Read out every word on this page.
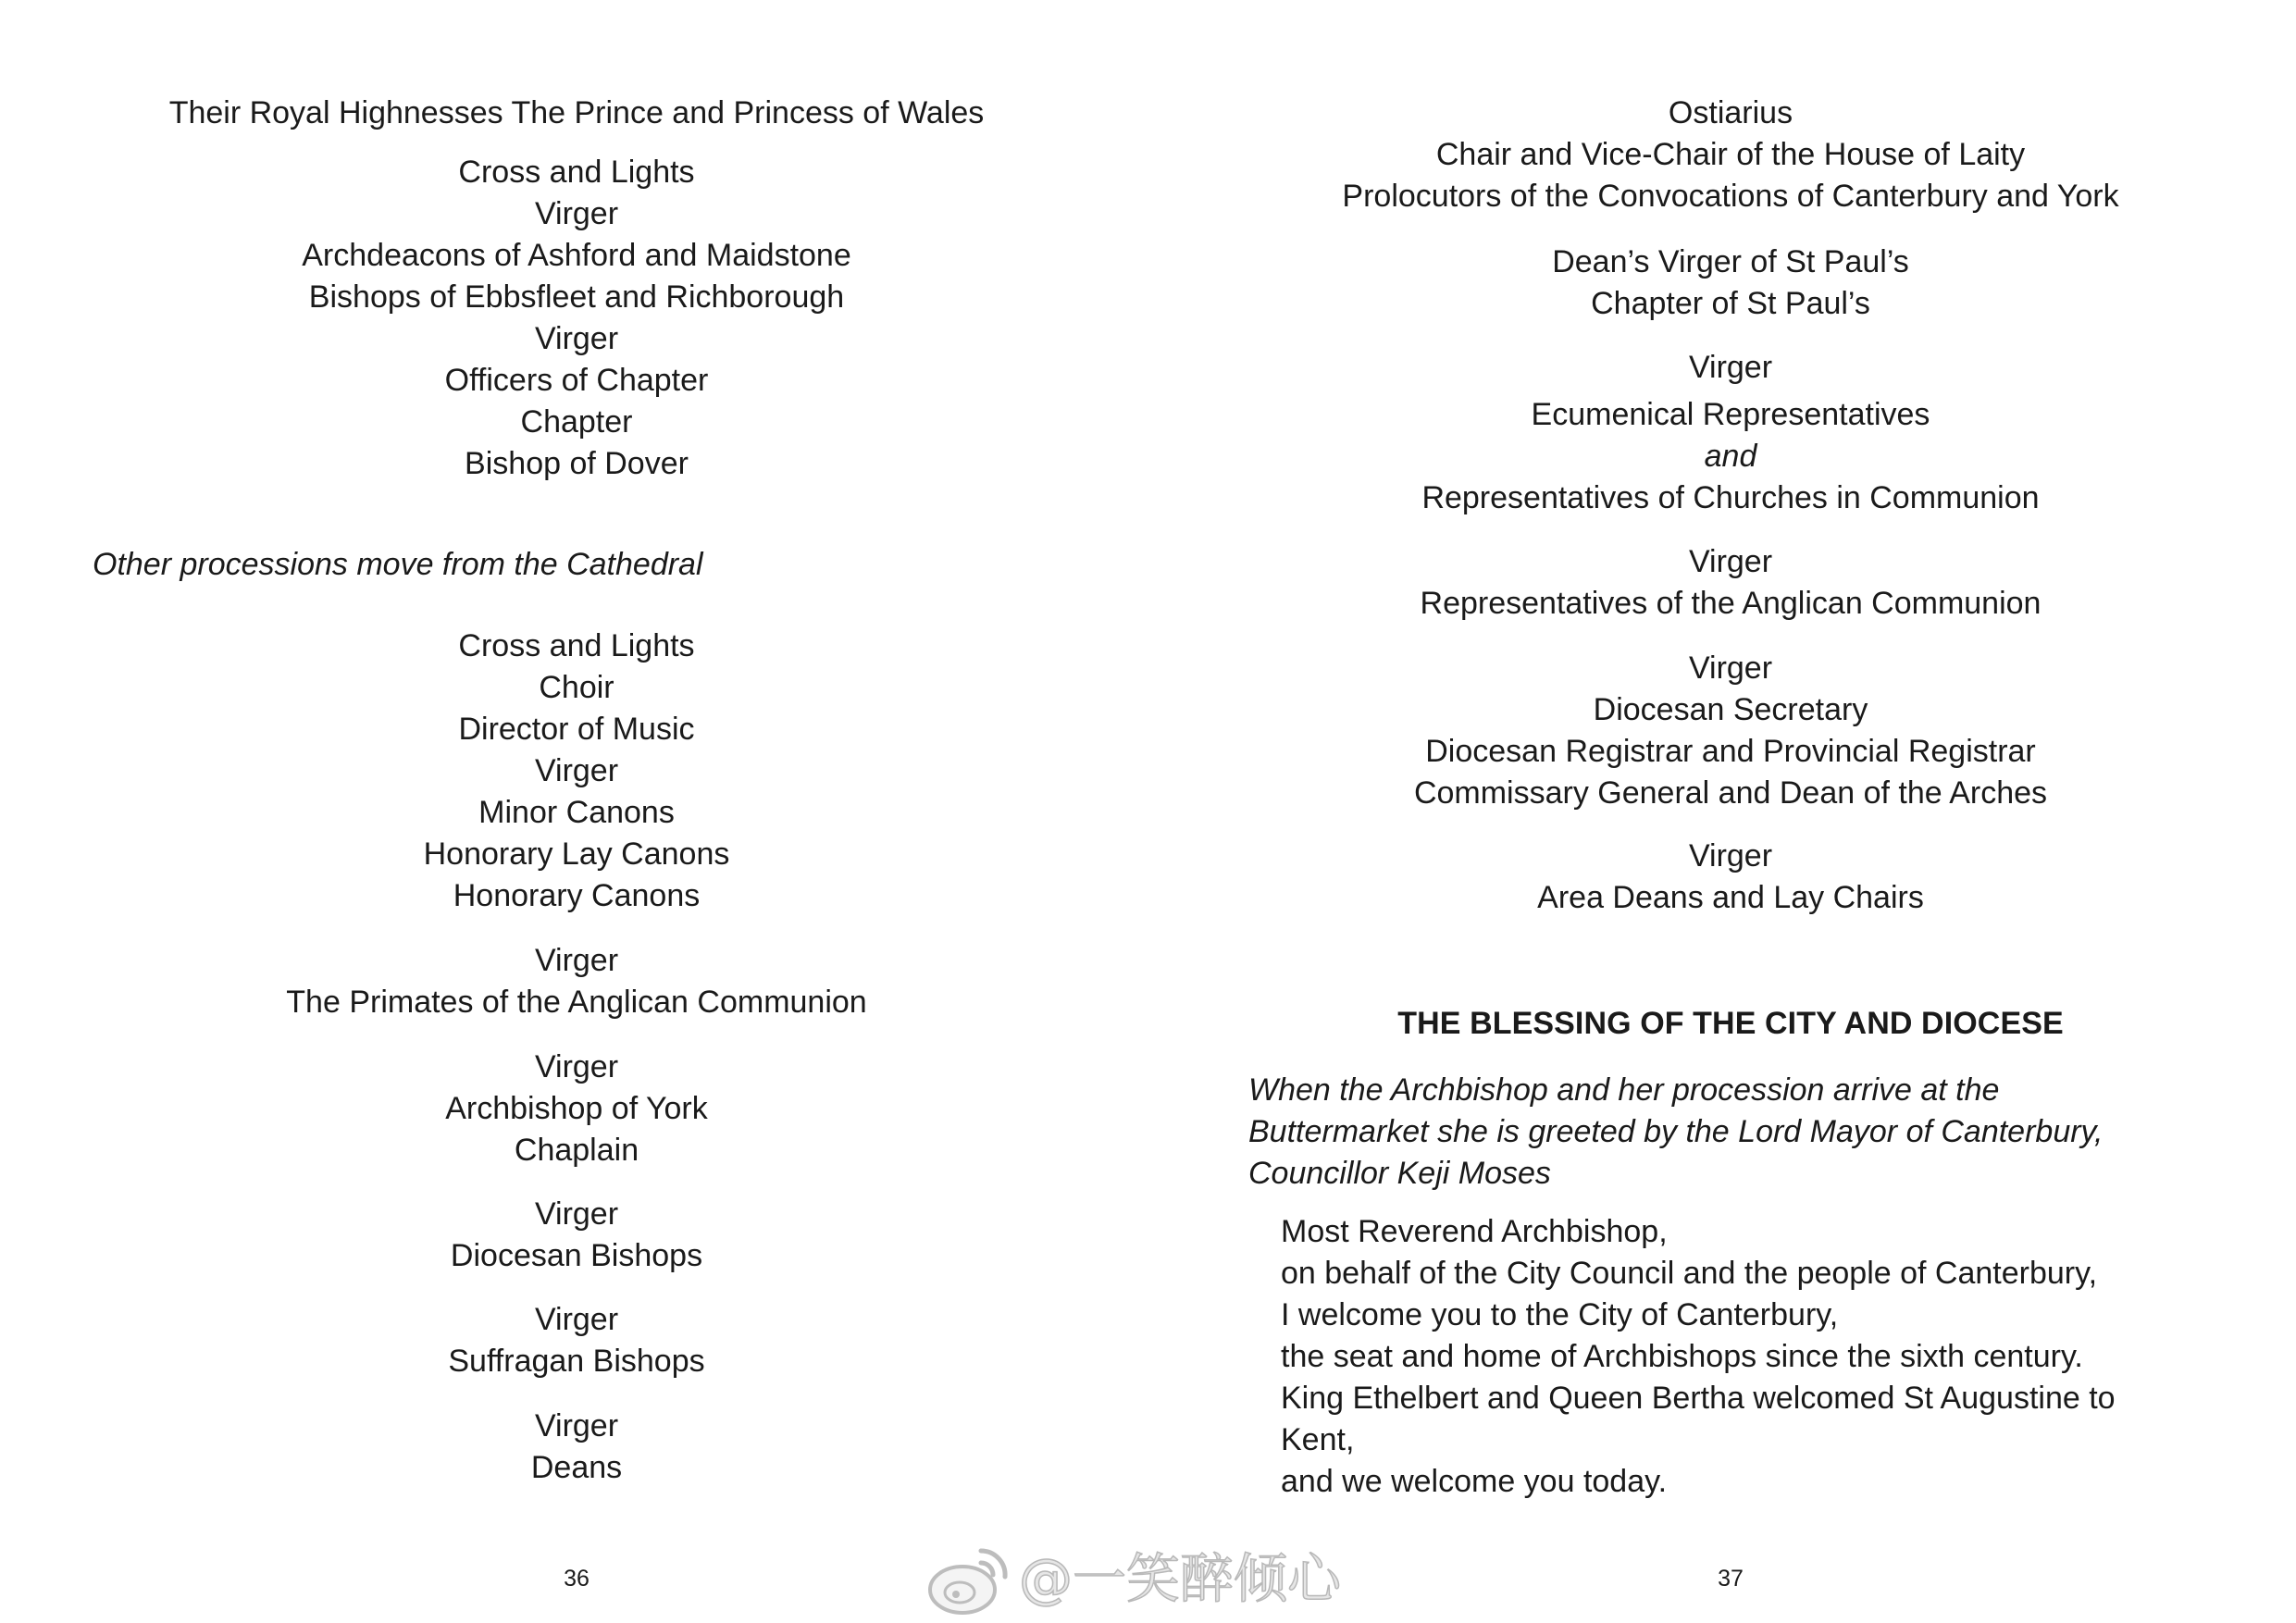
Their Royal Highnesses The Prince and Princess of Wales
Cross and Lights
Virger
Archdeacons of Ashford and Maidstone
Bishops of Ebbsfleet and Richborough
Virger
Officers of Chapter
Chapter
Bishop of Dover
Other processions move from the Cathedral
Cross and Lights
Choir
Director of Music
Virger
Minor Canons
Honorary Lay Canons
Honorary Canons
Virger
The Primates of the Anglican Communion
Virger
Archbishop of York
Chaplain
Virger
Diocesan Bishops
Virger
Suffragan Bishops
Virger
Deans
36
Ostiarius
Chair and Vice-Chair of the House of Laity
Prolocutors of the Convocations of Canterbury and York
Dean’s Virger of St Paul’s
Chapter of St Paul’s
Virger
Ecumenical Representatives
and
Representatives of Churches in Communion
Virger
Representatives of the Anglican Communion
Virger
Diocesan Secretary
Diocesan Registrar and Provincial Registrar
Commissary General and Dean of the Arches
Virger
Area Deans and Lay Chairs
THE BLESSING OF THE CITY AND DIOCESE
When the Archbishop and her procession arrive at the
Buttermarket she is greeted by the Lord Mayor of Canterbury,
Councillor Keji Moses
Most Reverend Archbishop,
on behalf of the City Council and the people of Canterbury,
I welcome you to the City of Canterbury,
the seat and home of Archbishops since the sixth century.
King Ethelbert and Queen Bertha welcomed St Augustine to
Kent,
and we welcome you today.
37
@一笑醉倾心
